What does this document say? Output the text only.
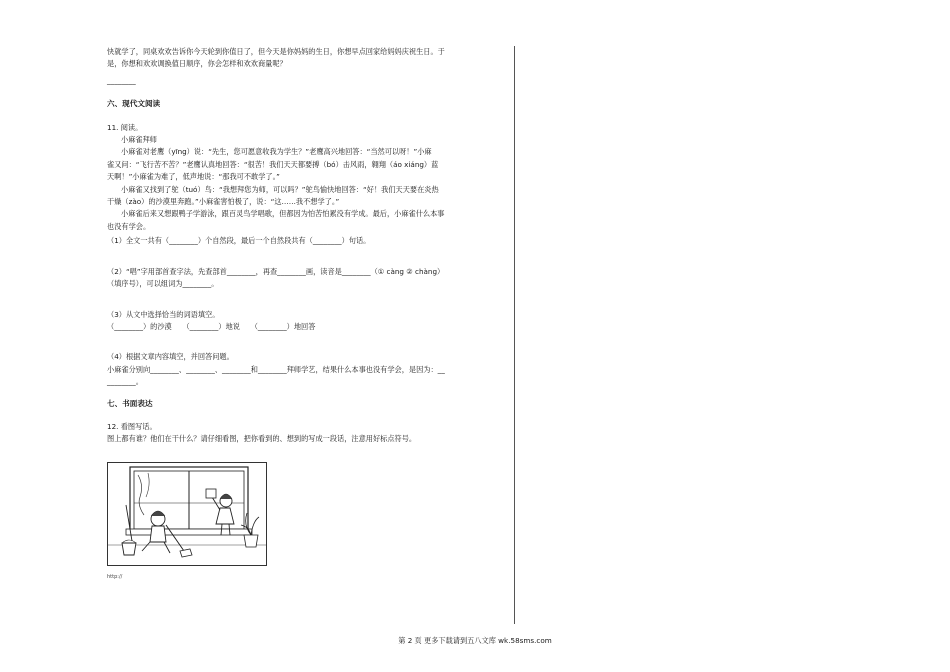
快就学了，同桌欢欢告诉你今天轮到你值日了，但今天是你妈妈的生日，你想早点回家给妈妈庆祝生日。于

是，你想和欢欢调换值日顺序，你会怎样和欢欢商量呢？

________

六、现代文阅读

11. 阅读。

小麻雀拜师

小麻雀对老鹰（yīng）说：“先生，您可愿意收我为学生？”老鹰高兴地回答：“当然可以呀！”小麻

雀又问：“飞行苦不苦？”老鹰认真地回答：“很苦！我们天天都要搏（bó）击风雨，翱翔（áo xiáng）蓝

天啊！”小麻雀为难了，低声地说：“那我可不敢学了。”

小麻雀又找到了鸵（tuó）鸟：“我想拜您为师，可以吗？”鸵鸟愉快地回答：“好！我们天天要在炎热

干燥（zào）的沙漠里奔跑。”小麻雀害怕极了，说：“这……我不想学了。”

小麻雀后来又想跟鸭子学游泳，跟百灵鸟学唱歌，但都因为怕苦怕累没有学成。最后，小麻雀什么本事

也没有学会。

（1）全文一共有（________）个自然段，最后一个自然段共有（________）句话。

（2）“唱”字用部首查字法，先查部首________，再查________画，读音是________（① càng ② chàng）

（填序号），可以组词为________。

（3）从文中选择恰当的词语填空。

（________）的沙漠　　（________）地说　　（________）地回答

（4）根据文章内容填空，并回答问题。

小麻雀分别向________、________、________和________拜师学艺，结果什么本事也没有学会，是因为：__

________。

七、书面表达

12. 看图写话。

图上都有谁？他们在干什么？请仔细看图，把你看到的、想到的写成一段话，注意用好标点符号。

http://
第 2 页 更多下载请到五八文库 wk.58sms.com
